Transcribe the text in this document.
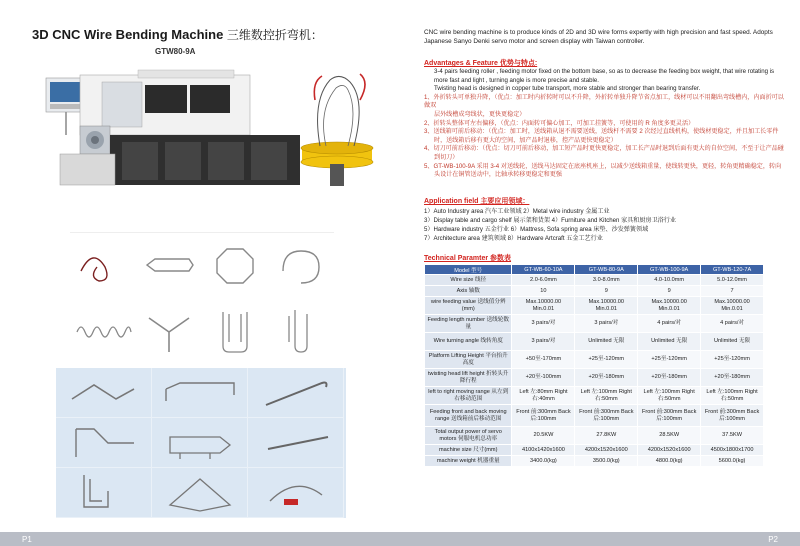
3D CNC Wire Bending Machine 三维数控折弯机：
GTW80-9A
P1
CNC wire bending machine is to produce kinds of 2D and 3D wire forms expertly with high precision and fast speed. Adopts Japanese Sanyo Denki servo motor and screen display with Taiwan controller.
Advantages & Feature 优势与特点:
3-4 pairs feeding roller , feeding motor fixed on the bottom base, so as to decrease the feeding box weight, that wire rotating is more fast and light , turning angle is more precise and stable.
Twisting head is designed in copper tube transport, more stable and stronger than bearing transfer.
1、外折转头可单独升降，（优点：加工时内折转时可以不升降，外折转单独升降节省点加工，线材可以不用翻出弯线槽内，内面折可以做双
层外线槽成弯线状，更快更稳定）
2、折转头整体可左右偏移，（优点：内面转可偏心加工，可加工挂簧等，可使用的 R 角度多更灵活）
3、送线箱可前后移动：（优点：加工时，送线箱从退不需要送线，送线杆不需要 2 次经过直线机构，使线材更稳定，并且加工长零件
时，送线箱后移有更大的空间，加产品时退移，控产品更快更稳定）
4、切刀可前后移动：（优点：切刀可前后移动，加工短产品时更快更稳定，加工长产品时退到后面有更大的自位空间，不至于让产品碰
到切刀）
5、GT-WB-100-9A 采用 3-4 对送线轮，送线马达固定在底座机座上，以减少送线箱重量，使线转更快，更轻，转角更精确稳定，转向
头设计在铜管送动中，比轴承转移更稳定和更强
Application field 主要应用领域：
1）Auto Industry area 汽车工业领域 2）Metal wire industry 金属工业
3）Display table and cargo shelf 展示架和货架 4）Furniture and Kitchen 家具和厨房卫浴行业
5）Hardware industry 五金行业 6）Mattress, Sofa spring area 床垫、沙发弹簧领域
7）Architecture area 建筑领域 8）Hardware Artcraft 五金工艺行业
Technical Paramter 参数表
Model 型号	GT-WB-60-10A	GT-WB-80-9A	GT-WB-100-9A	GT-WB-120-7A
Wire size 线径	2.0-6.0mm	3.0-8.0mm	4.0-10.0mm	5.0-12.0mm
Axis 轴数	10	9	9	7
wire feeding value 送线值分辨(mm)	Max.10000.00 Min.0.01	Max.10000.00 Min.0.01	Max.10000.00 Min.0.01	Max.10000.00 Min.0.01
Feeding length number 送线轮数量	3 pairs/对	3 pairs/对	4 pairs/对	4 pairs/对
Wire turning angle 线转角度	3 pairs/对	Unlimited 无限	Unlimited 无限	Unlimited 无限
Platform Lifting Height 平台抬升高度	+50至-170mm	+25至-120mm	+25至-120mm	+25至-120mm
twisting head lift height 折转头升降行程	+20至-100mm	+20至-180mm	+20至-180mm	+20至-180mm
left to right moving range 从左到右移动范围	Left 左:80mm Right 右:40mm	Left 左:100mm Right 右:50mm	Left 左:100mm Right 右:50mm	Left 左:100mm Right 右:50mm
Feeding front and back moving range 送线箱前后移动范围	Front 前:300mm Back 后:100mm	Front 前:300mm Back 后:100mm	Front 前:300mm Back 后:100mm	Front 前:300mm Back 后:100mm
Total output power of servo motors 伺服电机总功率	20.5KW	27.8KW	28.5KW	37.5KW
machine size 尺寸(mm)	4100x1420x1600	4200x1520x1600	4200x1520x1600	4500x1800x1700
machine weight 机器重量	3400.0(kg)	3500.0(kg)	4800.0(kg)	5600.0(kg)
P2
